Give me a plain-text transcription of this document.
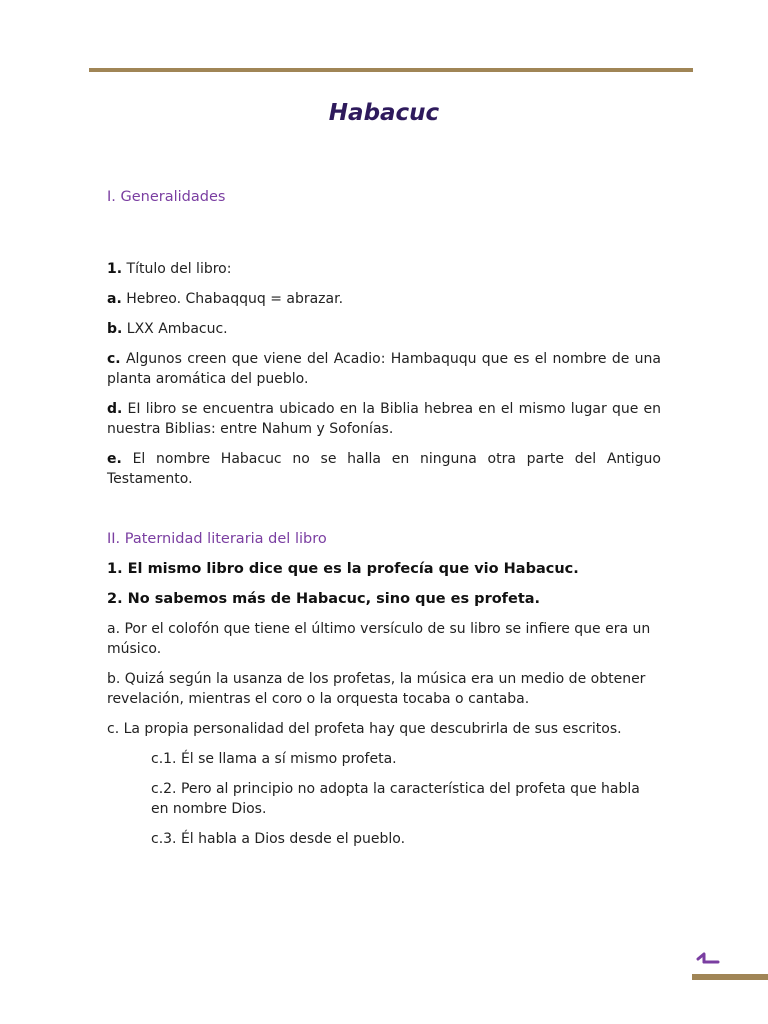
Habacuc

I. Generalidades

1. Título del libro:

a. Hebreo. Chabaqquq = abrazar.

b. LXX Ambacuc.

c. Algunos creen que viene del Acadio: Hambaququ que es el nombre de una planta aromática del pueblo.

d. EI libro se encuentra ubicado en la Biblia hebrea en el mismo lugar que en nuestra Biblias: entre Nahum y Sofonías.

e. El nombre Habacuc no se halla en ninguna otra parte del Antiguo Testamento.

II. Paternidad literaria del libro

1. El mismo libro dice que es la profecía que vio Habacuc.

2. No sabemos más de Habacuc, sino que es profeta.

a. Por el colofón que tiene el último versículo de su libro se infiere que era un músico.

b. Quizá según la usanza de los profetas, la música era un medio de obtener revelación, mientras el coro o la orquesta tocaba o cantaba.

c. La propia personalidad del profeta hay que descubrirla de sus escritos.

c.1. Él se llama a sí mismo profeta.

c.2. Pero al principio no adopta la característica del profeta que habla en nombre Dios.

c.3. Él habla a Dios desde el pueblo.
